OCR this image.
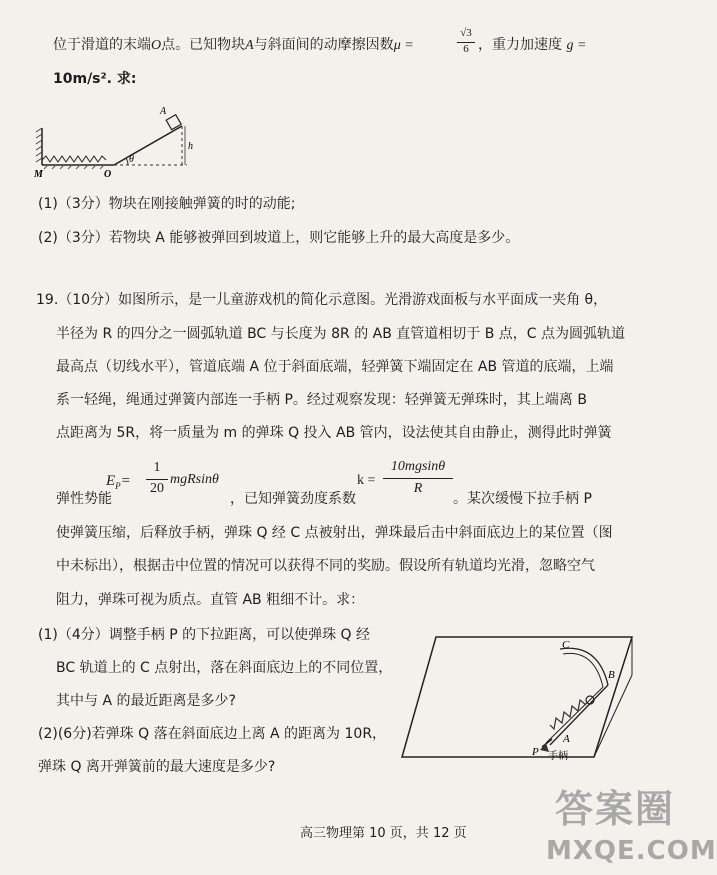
位于滑道的末端O点。已知物块A与斜面间的动摩擦因数μ =
√3
6 ，重力加速度 g =
10m/s². 求:
A
h
θ
M	O
(1)（3分）物块在刚接触弹簧的时的动能;
(2)（3分）若物块 A 能够被弹回到坡道上，则它能够上升的最大高度是多少。
19.（10分）如图所示，是一儿童游戏机的简化示意图。光滑游戏面板与水平面成一夹角 θ，
半径为 R 的四分之一圆弧轨道 BC 与长度为 8R 的 AB 直管道相切于 B 点，C 点为圆弧轨道
最高点（切线水平），管道底端 A 位于斜面底端，轻弹簧下端固定在 AB 管道的底端，上端
系一轻绳，绳通过弹簧内部连一手柄 P。经过观察发现：轻弹簧无弹珠时，其上端离 B
点距离为 5R，将一质量为 m 的弹珠 Q 投入 AB 管内，设法使其自由静止，测得此时弹簧
$E_P=$
1
20
mgRsinθ	k =
10mgsinθ
R
弹性势能	，已知弹簧劲度系数	。某次缓慢下拉手柄 P
使弹簧压缩，后释放手柄，弹珠 Q 经 C 点被射出，弹珠最后击中斜面底边上的某位置（图
中未标出），根据击中位置的情况可以获得不同的奖励。假设所有轨道均光滑，忽略空气
阻力，弹珠可视为质点。直管 AB 粗细不计。求：
(1)（4分）调整手柄 P 的下拉距离，可以使弹珠 Q 经
BC 轨道上的 C 点射出，落在斜面底边上的不同位置，
其中与 A 的最近距离是多少?
(2)(6分)若弹珠 Q 落在斜面底边上离 A 的距离为 10R，
弹珠 Q 离开弹簧前的最大速度是多少?
C
B
A
P 手柄
高三物理第 10 页，共 12 页
答案圈
MXQE.COM
